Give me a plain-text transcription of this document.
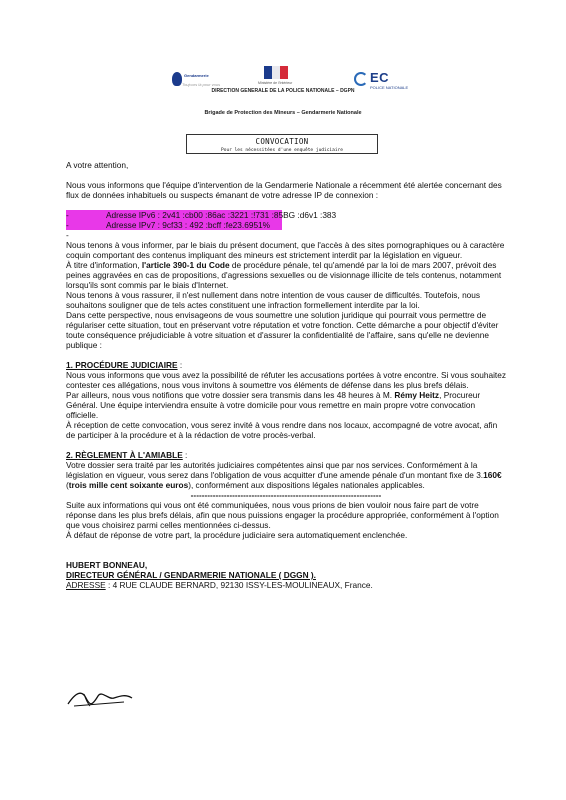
Gendarmerie
Toujours là pour vous	Ministère de l'Intérieur	EC
POLICE NATIONALE
DIRECTION GENERALE DE LA POLICE NATIONALE – DGPN
Brigade de Protection des Mineurs – Gendarmerie Nationale
CONVOCATION
Pour les nécessitées d'une enquête judiciaire

A votre attention,

Nous vous informons que l'équipe d'intervention de la Gendarmerie Nationale a récemment été alertée concernant des flux de données inhabituels ou suspects émanant de votre adresse IP de connexion :

-	Adresse IPv6 : 2v41 :cb00 :86ac :3221 :!731 :85BG :d6v1 :383
-	Adresse IPv7 : 9cf33 : 492 :bcff :fe23.6951%

-

Nous tenons à vous informer, par le biais du présent document, que l'accès à des sites pornographiques ou à caractère coquin comportant des contenus impliquant des mineurs est strictement interdit par la législation en vigueur.

À titre d'information, l'article 390-1 du Code de procédure pénale, tel qu'amendé par la loi de mars 2007, prévoit des peines aggravées en cas de propositions, d'agressions sexuelles ou de visionnage illicite de tels contenus, notamment lorsqu'ils sont commis par le biais d'Internet.

Nous tenons à vous rassurer, il n'est nullement dans notre intention de vous causer de difficultés. Toutefois, nous souhaitons souligner que de tels actes constituent une infraction formellement interdite par la loi.

Dans cette perspective, nous envisageons de vous soumettre une solution juridique qui pourrait vous permettre de régulariser cette situation, tout en préservant votre réputation et votre fonction. Cette démarche a pour objectif d'éviter toute conséquence préjudiciable à votre situation et d'assurer la confidentialité de l'affaire, sans qu'elle ne devienne publique :

1. PROCÉDURE JUDICIAIRE :

Nous vous informons que vous avez la possibilité de réfuter les accusations portées à votre encontre. Si vous souhaitez contester ces allégations, nous vous invitons à soumettre vos éléments de défense dans les plus brefs délais.

Par ailleurs, nous vous notifions que votre dossier sera transmis dans les 48 heures à M. Rémy Heitz, Procureur Général. Une équipe interviendra ensuite à votre domicile pour vous remettre en main propre votre convocation officielle.

À réception de cette convocation, vous serez invité à vous rendre dans nos locaux, accompagné de votre avocat, afin de participer à la procédure et à la rédaction de votre procès-verbal.

2. RÈGLEMENT À L'AMIABLE :

Votre dossier sera traité par les autorités judiciaires compétentes ainsi que par nos services. Conformément à la législation en vigueur, vous serez dans l'obligation de vous acquitter d'une amende pénale d'un montant fixe de 3.160€ (trois mille cent soixante euros), conformément aux dispositions légales nationales applicables.

---------------------------------------------------------------------

Suite aux informations qui vous ont été communiquées, nous vous prions de bien vouloir nous faire part de votre réponse dans les plus brefs délais, afin que nous puissions engager la procédure appropriée, conformément à l'option que vous choisirez parmi celles mentionnées ci-dessus.

À défaut de réponse de votre part, la procédure judiciaire sera automatiquement enclenchée.

HUBERT BONNEAU,

DIRECTEUR GÉNÉRAL / GENDARMERIE NATIONALE ( DGGN ).

ADRESSE : 4 RUE CLAUDE BERNARD, 92130 ISSY-LES-MOULINEAUX, France.
